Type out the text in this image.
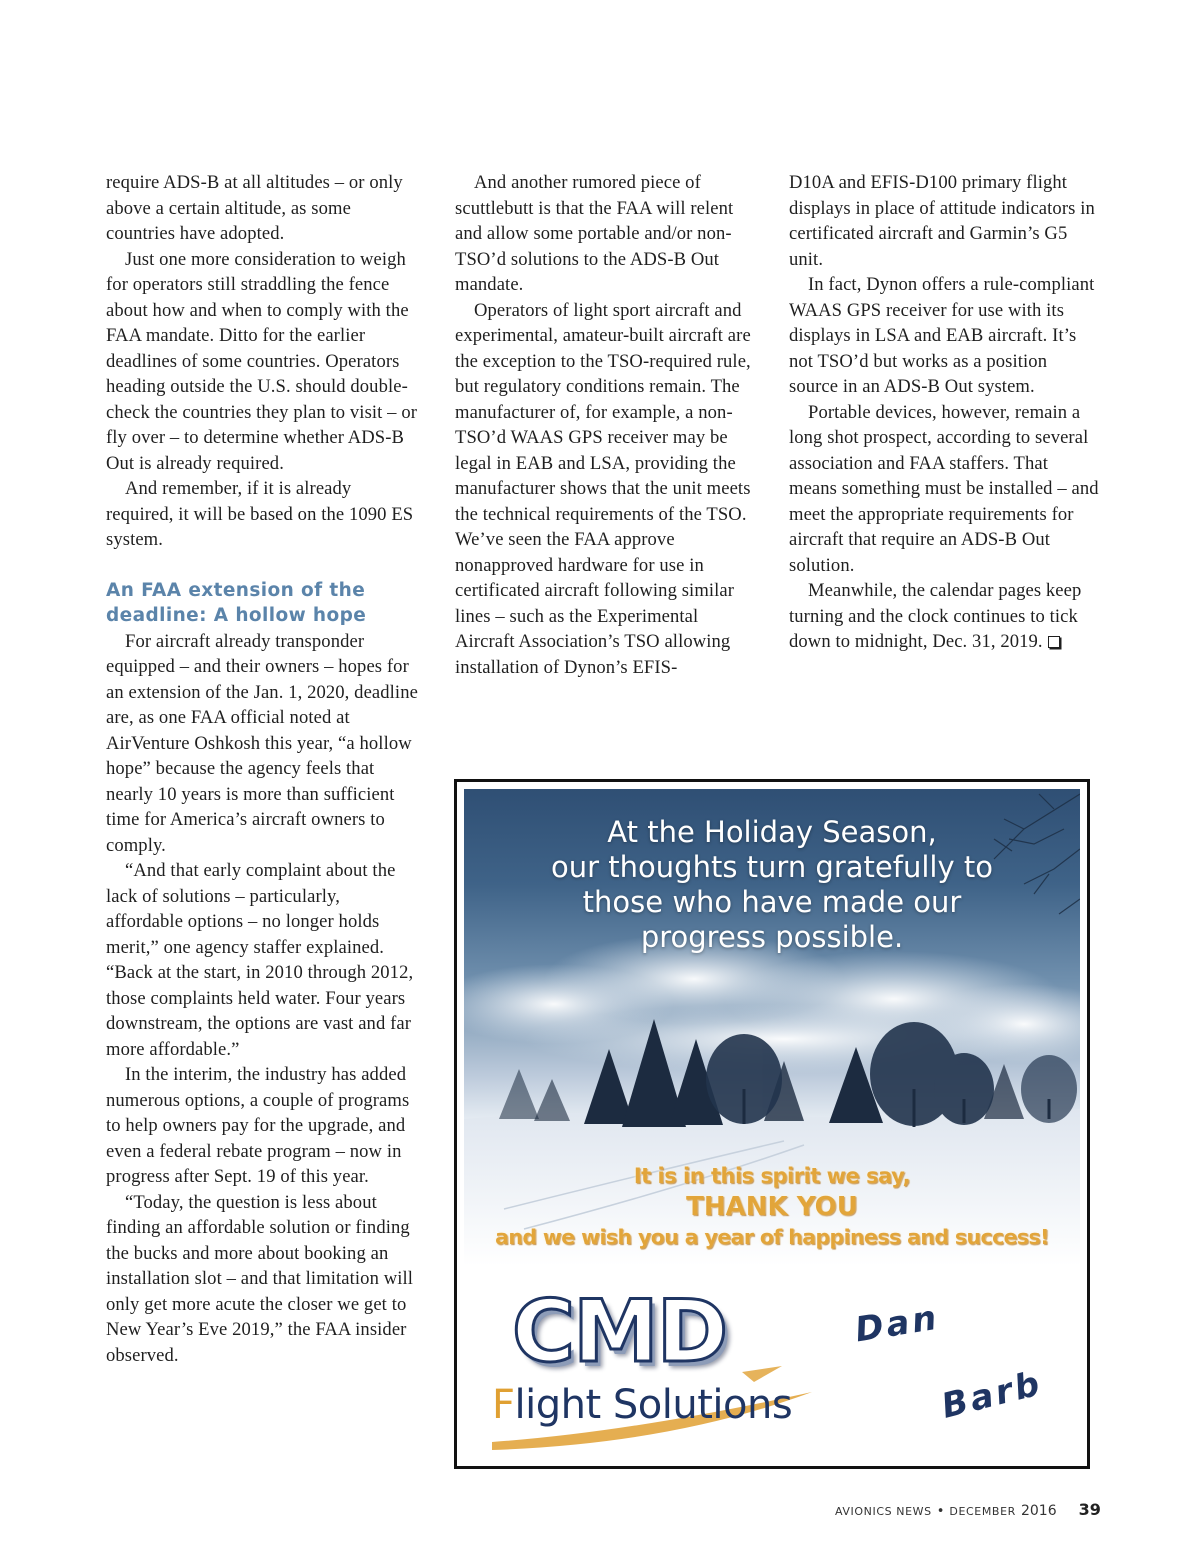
require ADS-B at all altitudes – or only above a certain altitude, as some countries have adopted.

Just one more consideration to weigh for operators still straddling the fence about how and when to comply with the FAA mandate. Ditto for the earlier deadlines of some countries. Operators heading outside the U.S. should double-check the countries they plan to visit – or fly over – to determine whether ADS-B Out is already required.

And remember, if it is already required, it will be based on the 1090 ES system.

An FAA extension of the deadline: A hollow hope

For aircraft already transponder equipped – and their owners – hopes for an extension of the Jan. 1, 2020, deadline are, as one FAA official noted at AirVenture Oshkosh this year, “a hollow hope” because the agency feels that nearly 10 years is more than sufficient time for America’s aircraft owners to comply.

“And that early complaint about the lack of solutions – particularly, affordable options – no longer holds merit,” one agency staffer explained. “Back at the start, in 2010 through 2012, those complaints held water. Four years downstream, the options are vast and far more affordable.”

In the interim, the industry has added numerous options, a couple of programs to help owners pay for the upgrade, and even a federal rebate program – now in progress after Sept. 19 of this year.

“Today, the question is less about finding an affordable solution or finding the bucks and more about booking an installation slot – and that limitation will only get more acute the closer we get to New Year’s Eve 2019,” the FAA insider observed.

And another rumored piece of scuttlebutt is that the FAA will relent and allow some portable and/or non-TSO’d solutions to the ADS-B Out mandate.

Operators of light sport aircraft and experimental, amateur-built aircraft are the exception to the TSO-required rule, but regulatory conditions remain. The manufacturer of, for example, a non-TSO’d WAAS GPS receiver may be legal in EAB and LSA, providing the manufacturer shows that the unit meets the technical requirements of the TSO. We’ve seen the FAA approve nonapproved hardware for use in certificated aircraft following similar lines – such as the Experimental Aircraft Association’s TSO allowing installation of Dynon’s EFIS-

D10A and EFIS-D100 primary flight displays in place of attitude indicators in certificated aircraft and Garmin’s G5 unit.

In fact, Dynon offers a rule-compliant WAAS GPS receiver for use with its displays in LSA and EAB aircraft. It’s not TSO’d but works as a position source in an ADS-B Out system.

Portable devices, however, remain a long shot prospect, according to several association and FAA staffers. That means something must be installed – and meet the appropriate requirements for aircraft that require an ADS-B Out solution.

Meanwhile, the calendar pages keep turning and the clock continues to tick down to midnight, Dec. 31, 2019.

At the Holiday Season,
our thoughts turn gratefully to
those who have made our
progress possible.
It is in this spirit we say,
THANK YOU
and we wish you a year of happiness and success!
CMD
Flight Solutions
Dan
Barb
AVIONICS NEWS • DECEMBER 2016 39
